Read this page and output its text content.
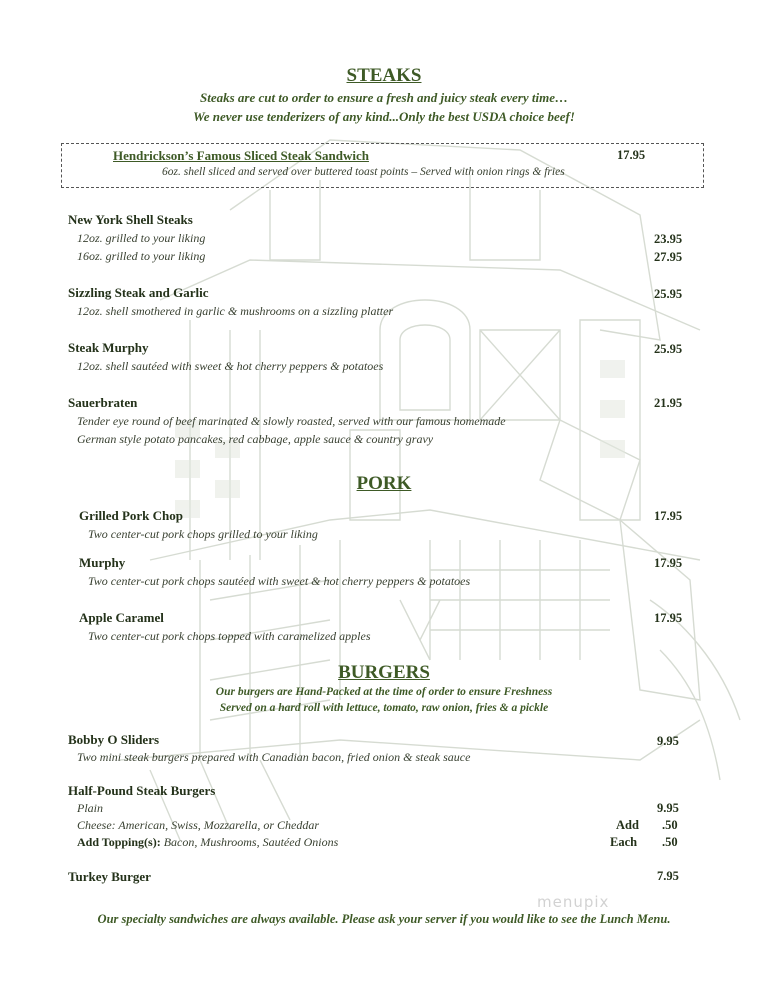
STEAKS
Steaks are cut to order to ensure a fresh and juicy steak every time…
We never use tenderizers of any kind...Only the best USDA choice beef!
Hendrickson’s Famous Sliced Steak Sandwich	17.95
6oz. shell sliced and served over buttered toast points – Served with onion rings & fries
New York Shell Steaks
12oz. grilled to your liking	23.95
16oz. grilled to your liking	27.95
Sizzling Steak and Garlic	25.95
12oz. shell smothered in garlic & mushrooms on a sizzling platter
Steak Murphy	25.95
12oz. shell sautéed with sweet & hot cherry peppers & potatoes
Sauerbraten	21.95
Tender eye round of beef marinated & slowly roasted, served with our famous homemade
German style potato pancakes, red cabbage, apple sauce & country gravy
PORK
Grilled Pork Chop	17.95
Two center-cut pork chops grilled to your liking
Murphy	17.95
Two center-cut pork chops sautéed with sweet & hot cherry peppers & potatoes
Apple Caramel	17.95
Two center-cut pork chops topped with caramelized apples
BURGERS
Our burgers are Hand-Packed at the time of order to ensure Freshness
Served on a hard roll with lettuce, tomato, raw onion, fries & a pickle
Bobby O Sliders	9.95
Two mini steak burgers prepared with Canadian bacon, fried onion & steak sauce
Half-Pound Steak Burgers
Plain	9.95
Cheese: American, Swiss, Mozzarella, or Cheddar	Add .50
Add Topping(s): Bacon, Mushrooms, Sautéed Onions	Each .50
Turkey Burger	7.95
Our specialty sandwiches are always available. Please ask your server if you would like to see the Lunch Menu.
menupix
